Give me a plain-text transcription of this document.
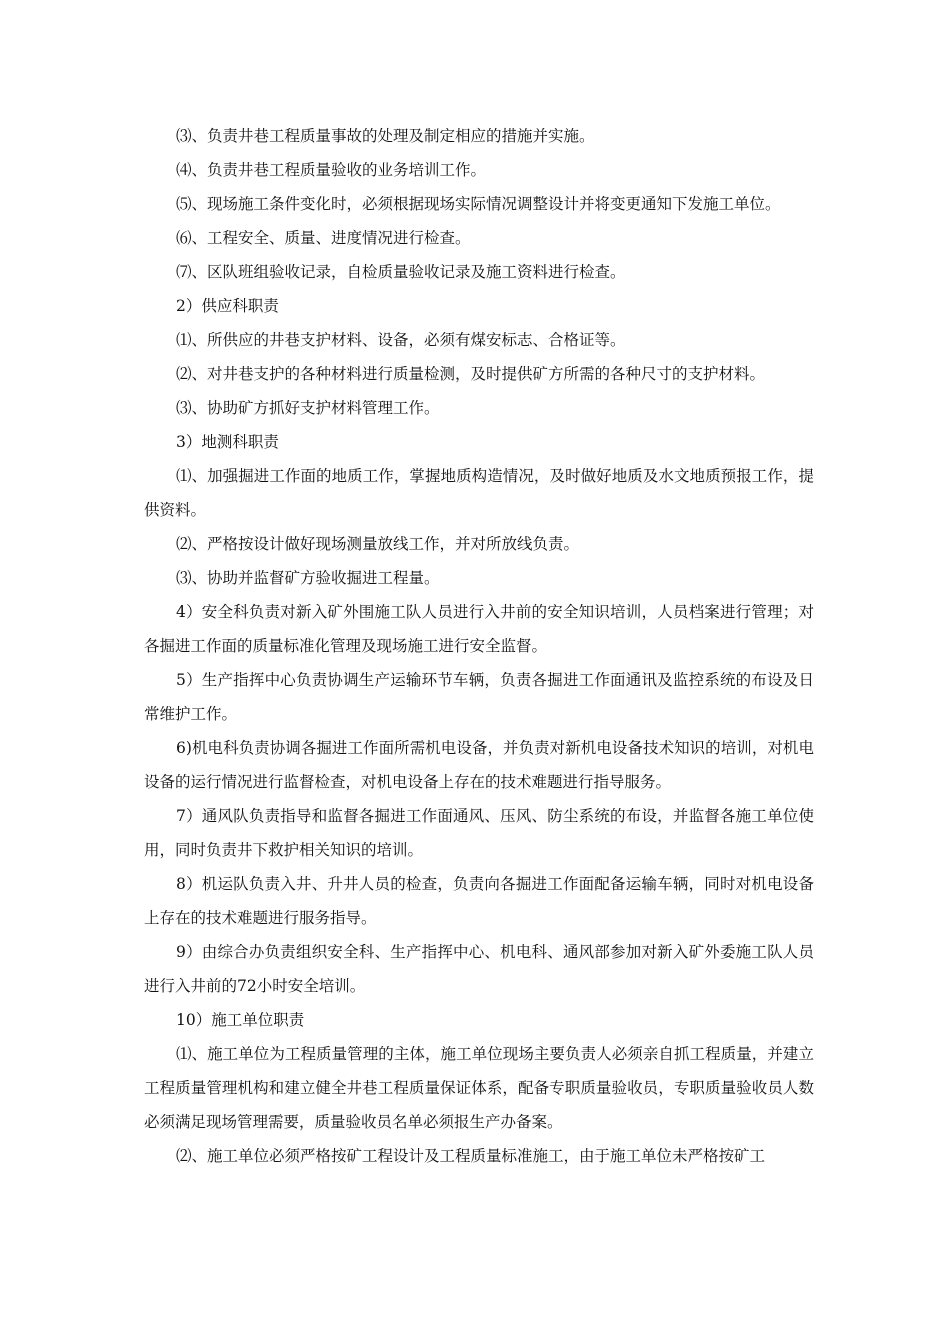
⑶、负责井巷工程质量事故的处理及制定相应的措施并实施。

⑷、负责井巷工程质量验收的业务培训工作。

⑸、现场施工条件变化时，必须根据现场实际情况调整设计并将变更通知下发施工单位。

⑹、工程安全、质量、进度情况进行检查。

⑺、区队班组验收记录，自检质量验收记录及施工资料进行检查。

2）供应科职责

⑴、所供应的井巷支护材料、设备，必须有煤安标志、合格证等。

⑵、对井巷支护的各种材料进行质量检测，及时提供矿方所需的各种尺寸的支护材料。

⑶、协助矿方抓好支护材料管理工作。

3）地测科职责

⑴、加强掘进工作面的地质工作，掌握地质构造情况，及时做好地质及水文地质预报工作，提供资料。

⑵、严格按设计做好现场测量放线工作，并对所放线负责。

⑶、协助并监督矿方验收掘进工程量。

4）安全科负责对新入矿外围施工队人员进行入井前的安全知识培训，人员档案进行管理；对各掘进工作面的质量标准化管理及现场施工进行安全监督。

5）生产指挥中心负责协调生产运输环节车辆，负责各掘进工作面通讯及监控系统的布设及日常维护工作。

6)机电科负责协调各掘进工作面所需机电设备，并负责对新机电设备技术知识的培训，对机电设备的运行情况进行监督检查，对机电设备上存在的技术难题进行指导服务。

7）通风队负责指导和监督各掘进工作面通风、压风、防尘系统的布设，并监督各施工单位使用，同时负责井下救护相关知识的培训。

8）机运队负责入井、升井人员的检查，负责向各掘进工作面配备运输车辆，同时对机电设备上存在的技术难题进行服务指导。

9）由综合办负责组织安全科、生产指挥中心、机电科、通风部参加对新入矿外委施工队人员进行入井前的72小时安全培训。

10）施工单位职责

⑴、施工单位为工程质量管理的主体，施工单位现场主要负责人必须亲自抓工程质量，并建立工程质量管理机构和建立健全井巷工程质量保证体系，配备专职质量验收员，专职质量验收员人数必须满足现场管理需要，质量验收员名单必须报生产办备案。

⑵、施工单位必须严格按矿工程设计及工程质量标准施工，由于施工单位未严格按矿工
